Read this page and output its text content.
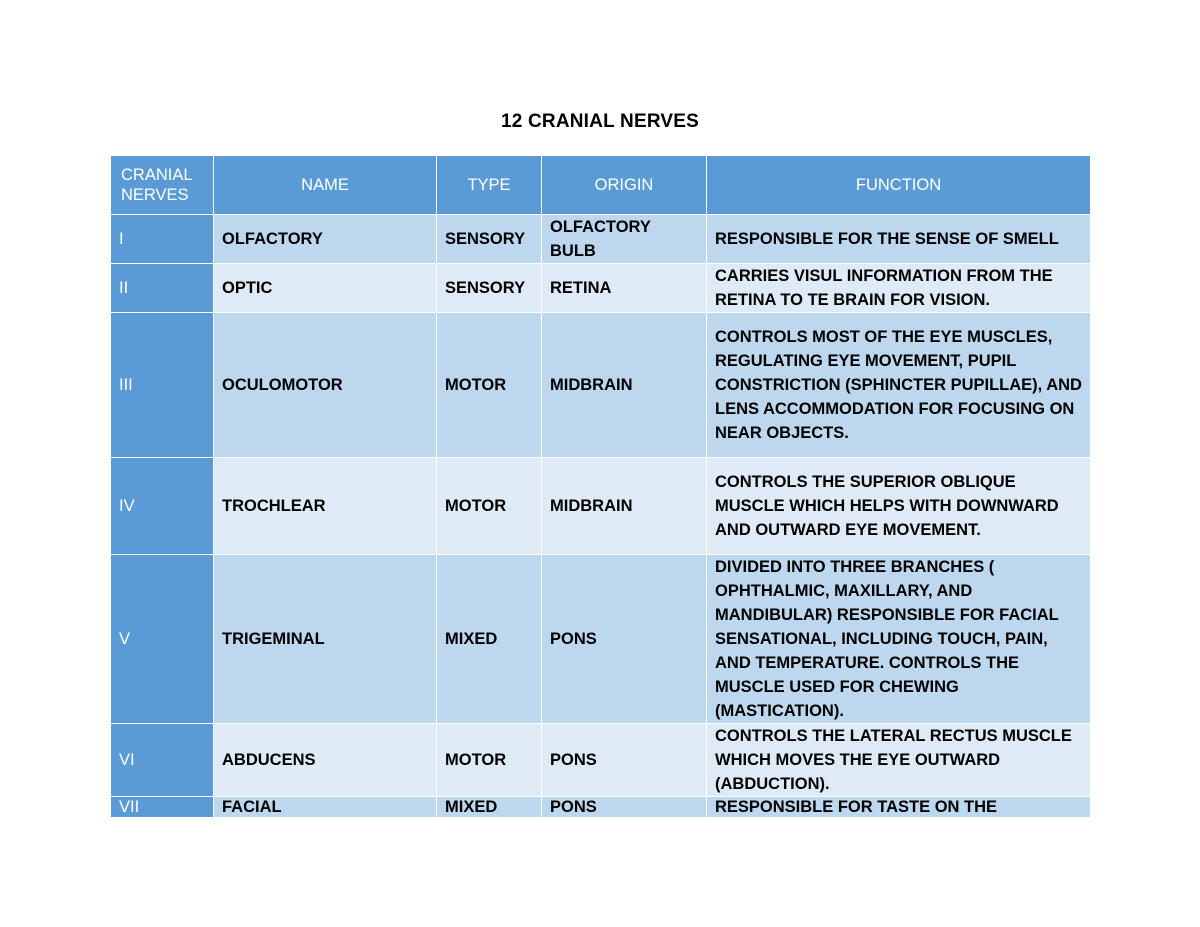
12 CRANIAL NERVES
CRANIAL NERVES	NAME	TYPE	ORIGIN	FUNCTION
I	OLFACTORY	SENSORY	OLFACTORY BULB	RESPONSIBLE FOR THE SENSE OF SMELL
II	OPTIC	SENSORY	RETINA	CARRIES VISUL INFORMATION FROM THE RETINA TO TE BRAIN FOR VISION.
III	OCULOMOTOR	MOTOR	MIDBRAIN	CONTROLS MOST OF THE EYE MUSCLES, REGULATING EYE MOVEMENT, PUPIL CONSTRICTION (SPHINCTER PUPILLAE), AND LENS ACCOMMODATION FOR FOCUSING ON NEAR OBJECTS.
IV	TROCHLEAR	MOTOR	MIDBRAIN	CONTROLS THE SUPERIOR OBLIQUE MUSCLE WHICH HELPS WITH DOWNWARD AND OUTWARD EYE MOVEMENT.
V	TRIGEMINAL	MIXED	PONS	DIVIDED INTO THREE BRANCHES ( OPHTHALMIC, MAXILLARY, AND MANDIBULAR) RESPONSIBLE FOR FACIAL SENSATIONAL, INCLUDING TOUCH, PAIN, AND TEMPERATURE. CONTROLS THE MUSCLE USED FOR CHEWING (MASTICATION).
VI	ABDUCENS	MOTOR	PONS	CONTROLS THE LATERAL RECTUS MUSCLE WHICH MOVES THE EYE OUTWARD (ABDUCTION).
VII	FACIAL	MIXED	PONS	RESPONSIBLE FOR TASTE ON THE
